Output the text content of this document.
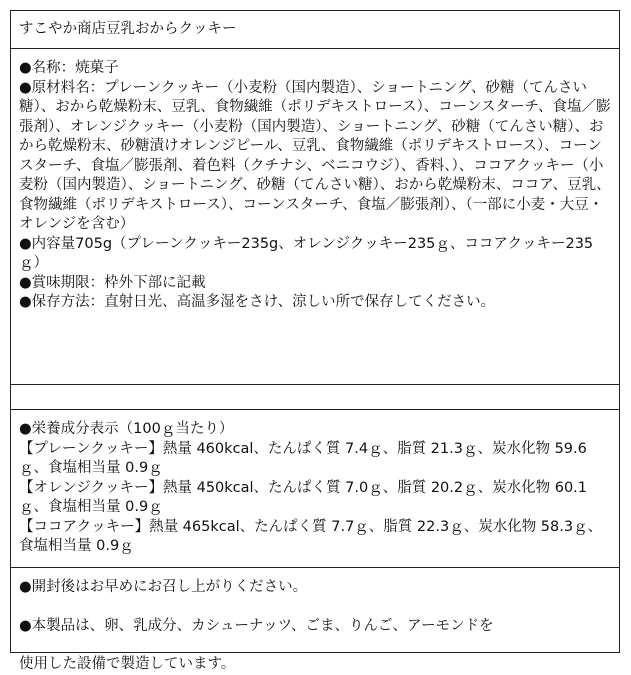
すこやか商店豆乳おからクッキー

●名称：焼菓子

●原材料名：プレーンクッキー（小麦粉（国内製造）、ショートニング、砂糖（てんさい糖）、おから乾燥粉末、豆乳、食物繊維（ポリデキストロース）、コーンスターチ、食塩／膨張剤）、オレンジクッキー（小麦粉（国内製造）、ショートニング、砂糖（てんさい糖）、おから乾燥粉末、砂糖漬けオレンジピール、豆乳、食物繊維（ポリデキストロース）、コーンスターチ、食塩／膨張剤、着色料（クチナシ、ベニコウジ）、香料、）、ココアクッキー（小麦粉（国内製造）、ショートニング、砂糖（てんさい糖）、おから乾燥粉末、ココア、豆乳、食物繊維（ポリデキストロース）、コーンスターチ、食塩／膨張剤）、（一部に小麦・大豆・オレンジを含む）

●内容量705g（プレーンクッキー235g、オレンジクッキー235ｇ、ココアクッキー235ｇ）

●賞味期限：枠外下部に記載

●保存方法：直射日光、高温多湿をさけ、涼しい所で保存してください。

●栄養成分表示（100ｇ当たり）

【プレーンクッキー】熱量 460kcal、たんぱく質 7.4ｇ、脂質 21.3ｇ、炭水化物 59.6ｇ、食塩相当量 0.9ｇ

【オレンジクッキー】熱量 450kcal、たんぱく質 7.0ｇ、脂質 20.2ｇ、炭水化物 60.1ｇ、食塩相当量 0.9ｇ

【ココアクッキー】熱量 465kcal、たんぱく質 7.7ｇ、脂質 22.3ｇ、炭水化物 58.3ｇ、食塩相当量 0.9ｇ

●開封後はお早めにお召し上がりください。

●本製品は、卵、乳成分、カシューナッツ、ごま、りんご、アーモンドを

使用した設備で製造しています。
